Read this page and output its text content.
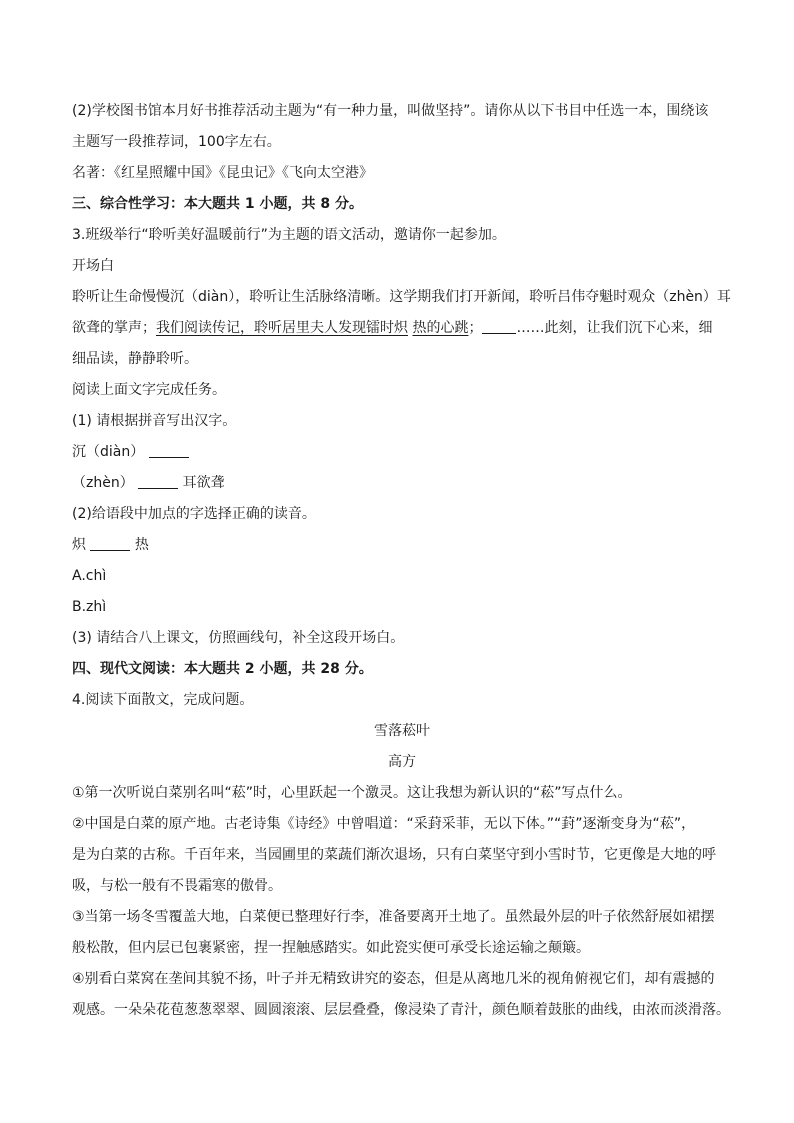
(2)学校图书馆本月好书推荐活动主题为“有一种力量，叫做坚持”。请你从以下书目中任选一本，围绕该
主题写一段推荐词，100字左右。
名著：《红星照耀中国》《昆虫记》《飞向太空港》
三、综合性学习：本大题共 1 小题，共 8 分。
3.班级举行“聆听美好温暖前行”为主题的语文活动，邀请你一起参加。
开场白
聆听让生命慢慢沉（diàn），聆听让生活脉络清晰。这学期我们打开新闻，聆听吕伟夺魁时观众（zhèn）耳
欲聋的掌声；我们阅读传记，聆听居里夫人发现镭时炽 热的心跳； ……此刻，让我们沉下心来，细
细品读，静静聆听。
阅读上面文字完成任务。
(1) 请根据拼音写出汉字。
沉（diàn）
（zhèn）	耳欲聋
(2)给语段中加点的字选择正确的读音。
炽	热
A.chì
B.zhì
(3) 请结合八上课文，仿照画线句，补全这段开场白。
四、现代文阅读：本大题共 2 小题，共 28 分。
4.阅读下面散文，完成问题。
雪落菘叶
高方
①第一次听说白菜别名叫“菘”时，心里跃起一个激灵。这让我想为新认识的“菘”写点什么。
②中国是白菜的原产地。古老诗集《诗经》中曾唱道：“采葑采菲，无以下体。”“葑”逐渐变身为“菘”，
是为白菜的古称。千百年来，当园圃里的菜蔬们渐次退场，只有白菜坚守到小雪时节，它更像是大地的呼
吸，与松一般有不畏霜寒的傲骨。
③当第一场冬雪覆盖大地，白菜便已整理好行李，准备要离开土地了。虽然最外层的叶子依然舒展如裙摆
般松散，但内层已包裹紧密，捏一捏触感踏实。如此瓷实便可承受长途运输之颠簸。
④别看白菜窝在垄间其貌不扬，叶子并无精致讲究的姿态，但是从离地几米的视角俯视它们，却有震撼的
观感。一朵朵花苞葱葱翠翠、圆圆滚滚、层层叠叠，像浸染了青汁，颜色顺着鼓胀的曲线，由浓而淡滑落。
